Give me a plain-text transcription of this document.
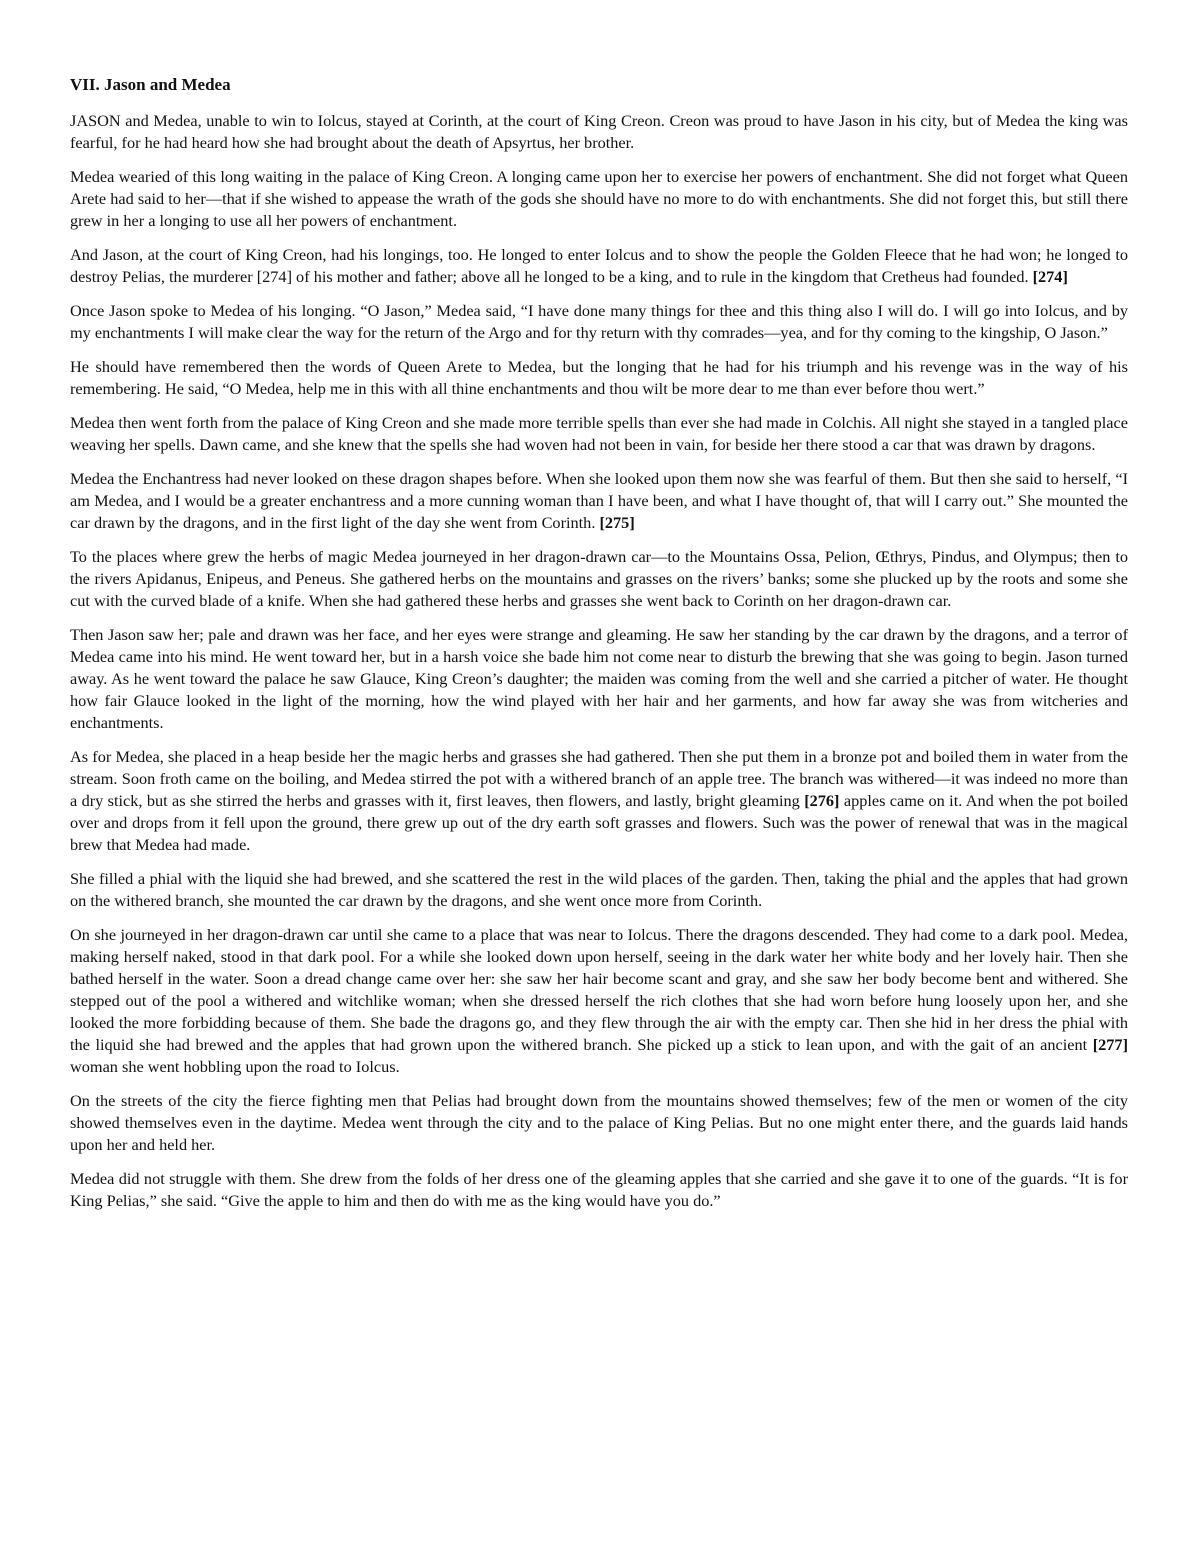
VII. Jason and Medea

JASON and Medea, unable to win to Iolcus, stayed at Corinth, at the court of King Creon. Creon was proud to have Jason in his city, but of Medea the king was fearful, for he had heard how she had brought about the death of Apsyrtus, her brother.

Medea wearied of this long waiting in the palace of King Creon. A longing came upon her to exercise her powers of enchantment. She did not forget what Queen Arete had said to her—that if she wished to appease the wrath of the gods she should have no more to do with enchantments. She did not forget this, but still there grew in her a longing to use all her powers of enchantment.

And Jason, at the court of King Creon, had his longings, too. He longed to enter Iolcus and to show the people the Golden Fleece that he had won; he longed to destroy Pelias, the murderer [274] of his mother and father; above all he longed to be a king, and to rule in the kingdom that Cretheus had founded. [274]

Once Jason spoke to Medea of his longing. “O Jason,” Medea said, “I have done many things for thee and this thing also I will do. I will go into Iolcus, and by my enchantments I will make clear the way for the return of the Argo and for thy return with thy comrades—yea, and for thy coming to the kingship, O Jason.”

He should have remembered then the words of Queen Arete to Medea, but the longing that he had for his triumph and his revenge was in the way of his remembering. He said, “O Medea, help me in this with all thine enchantments and thou wilt be more dear to me than ever before thou wert.”

Medea then went forth from the palace of King Creon and she made more terrible spells than ever she had made in Colchis. All night she stayed in a tangled place weaving her spells. Dawn came, and she knew that the spells she had woven had not been in vain, for beside her there stood a car that was drawn by dragons.

Medea the Enchantress had never looked on these dragon shapes before. When she looked upon them now she was fearful of them. But then she said to herself, “I am Medea, and I would be a greater enchantress and a more cunning woman than I have been, and what I have thought of, that will I carry out.” She mounted the car drawn by the dragons, and in the first light of the day she went from Corinth. [275]

To the places where grew the herbs of magic Medea journeyed in her dragon-drawn car—to the Mountains Ossa, Pelion, Œthrys, Pindus, and Olympus; then to the rivers Apidanus, Enipeus, and Peneus. She gathered herbs on the mountains and grasses on the rivers’ banks; some she plucked up by the roots and some she cut with the curved blade of a knife. When she had gathered these herbs and grasses she went back to Corinth on her dragon-drawn car.

Then Jason saw her; pale and drawn was her face, and her eyes were strange and gleaming. He saw her standing by the car drawn by the dragons, and a terror of Medea came into his mind. He went toward her, but in a harsh voice she bade him not come near to disturb the brewing that she was going to begin. Jason turned away. As he went toward the palace he saw Glauce, King Creon’s daughter; the maiden was coming from the well and she carried a pitcher of water. He thought how fair Glauce looked in the light of the morning, how the wind played with her hair and her garments, and how far away she was from witcheries and enchantments.

As for Medea, she placed in a heap beside her the magic herbs and grasses she had gathered. Then she put them in a bronze pot and boiled them in water from the stream. Soon froth came on the boiling, and Medea stirred the pot with a withered branch of an apple tree. The branch was withered—it was indeed no more than a dry stick, but as she stirred the herbs and grasses with it, first leaves, then flowers, and lastly, bright gleaming [276] apples came on it. And when the pot boiled over and drops from it fell upon the ground, there grew up out of the dry earth soft grasses and flowers. Such was the power of renewal that was in the magical brew that Medea had made.

She filled a phial with the liquid she had brewed, and she scattered the rest in the wild places of the garden. Then, taking the phial and the apples that had grown on the withered branch, she mounted the car drawn by the dragons, and she went once more from Corinth.

On she journeyed in her dragon-drawn car until she came to a place that was near to Iolcus. There the dragons descended. They had come to a dark pool. Medea, making herself naked, stood in that dark pool. For a while she looked down upon herself, seeing in the dark water her white body and her lovely hair. Then she bathed herself in the water. Soon a dread change came over her: she saw her hair become scant and gray, and she saw her body become bent and withered. She stepped out of the pool a withered and witchlike woman; when she dressed herself the rich clothes that she had worn before hung loosely upon her, and she looked the more forbidding because of them. She bade the dragons go, and they flew through the air with the empty car. Then she hid in her dress the phial with the liquid she had brewed and the apples that had grown upon the withered branch. She picked up a stick to lean upon, and with the gait of an ancient [277] woman she went hobbling upon the road to Iolcus.

On the streets of the city the fierce fighting men that Pelias had brought down from the mountains showed themselves; few of the men or women of the city showed themselves even in the daytime. Medea went through the city and to the palace of King Pelias. But no one might enter there, and the guards laid hands upon her and held her.

Medea did not struggle with them. She drew from the folds of her dress one of the gleaming apples that she carried and she gave it to one of the guards. “It is for King Pelias,” she said. “Give the apple to him and then do with me as the king would have you do.”
